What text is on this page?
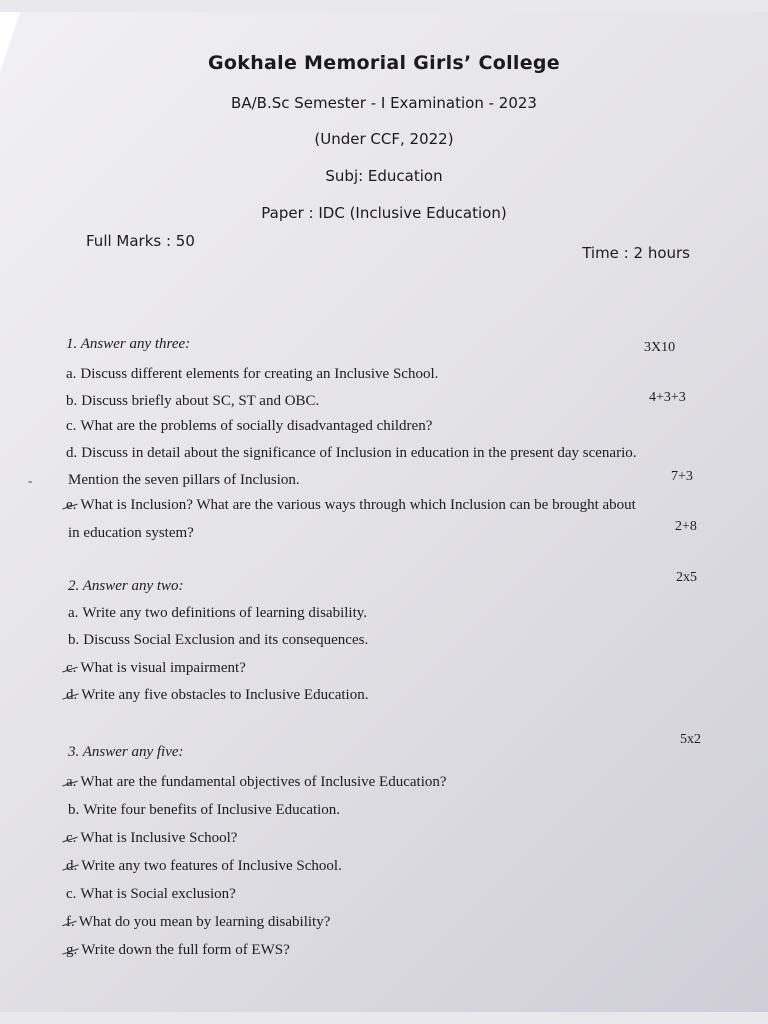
Gokhale Memorial Girls’ College
BA/B.Sc Semester - I Examination - 2023
(Under CCF, 2022)
Subj: Education
Paper : IDC (Inclusive Education)
Full Marks : 50
Time : 2 hours
1. Answer any three:	3X10
a. Discuss different elements for creating an Inclusive School.
b. Discuss briefly about SC, ST and OBC.	4+3+3
c. What are the problems of socially disadvantaged children?
d. Discuss in detail about the significance of Inclusion in education in the present day scenario.
Mention the seven pillars of Inclusion.	7+3
-
e. What is Inclusion? What are the various ways through which Inclusion can be brought about
in education system?	2+8
2. Answer any two:
2x5
a. Write any two definitions of learning disability.
b. Discuss Social Exclusion and its consequences.
c. What is visual impairment?
d. Write any five obstacles to Inclusive Education.
3. Answer any five:
5x2
a. What are the fundamental objectives of Inclusive Education?
b. Write four benefits of Inclusive Education.
c. What is Inclusive School?
d. Write any two features of Inclusive School.
c. What is Social exclusion?
f. What do you mean by learning disability?
g. Write down the full form of EWS?
